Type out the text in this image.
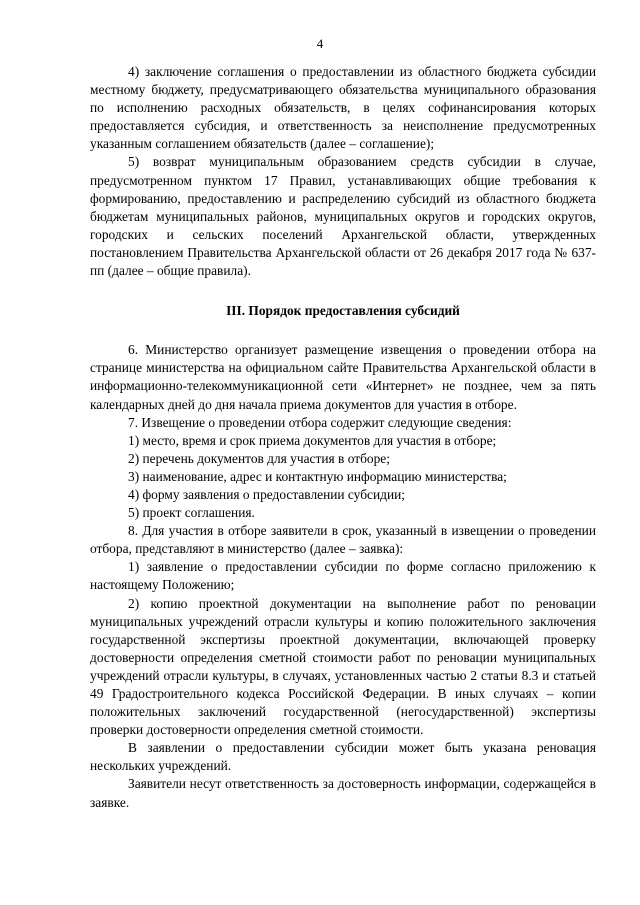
4

4) заключение соглашения о предоставлении из областного бюджета субсидии местному бюджету, предусматривающего обязательства муниципального образования по исполнению расходных обязательств, в целях софинансирования которых предоставляется субсидия, и ответственность за неисполнение предусмотренных указанным соглашением обязательств (далее – соглашение);

5) возврат муниципальным образованием средств субсидии в случае, предусмотренном пунктом 17 Правил, устанавливающих общие требования к формированию, предоставлению и распределению субсидий из областного бюджета бюджетам муниципальных районов, муниципальных округов и городских округов, городских и сельских поселений Архангельской области, утвержденных постановлением Правительства Архангельской области от 26 декабря 2017 года № 637-пп (далее – общие правила).

III. Порядок предоставления субсидий

6. Министерство организует размещение извещения о проведении отбора на странице министерства на официальном сайте Правительства Архангельской области в информационно-телекоммуникационной сети «Интернет» не позднее, чем за пять календарных дней до дня начала приема документов для участия в отборе.

7. Извещение о проведении отбора содержит следующие сведения:

1) место, время и срок приема документов для участия в отборе;

2) перечень документов для участия в отборе;

3) наименование, адрес и контактную информацию министерства;

4) форму заявления о предоставлении субсидии;

5) проект соглашения.

8. Для участия в отборе заявители в срок, указанный в извещении о проведении отбора, представляют в министерство (далее – заявка):

1) заявление о предоставлении субсидии по форме согласно приложению к настоящему Положению;

2) копию проектной документации на выполнение работ по реновации муниципальных учреждений отрасли культуры и копию положительного заключения государственной экспертизы проектной документации, включающей проверку достоверности определения сметной стоимости работ по реновации муниципальных учреждений отрасли культуры, в случаях, установленных частью 2 статьи 8.3 и статьей 49 Градостроительного кодекса Российской Федерации. В иных случаях – копии положительных заключений государственной (негосударственной) экспертизы проверки достоверности определения сметной стоимости.

В заявлении о предоставлении субсидии может быть указана реновация нескольких учреждений.

Заявители несут ответственность за достоверность информации, содержащейся в заявке.
